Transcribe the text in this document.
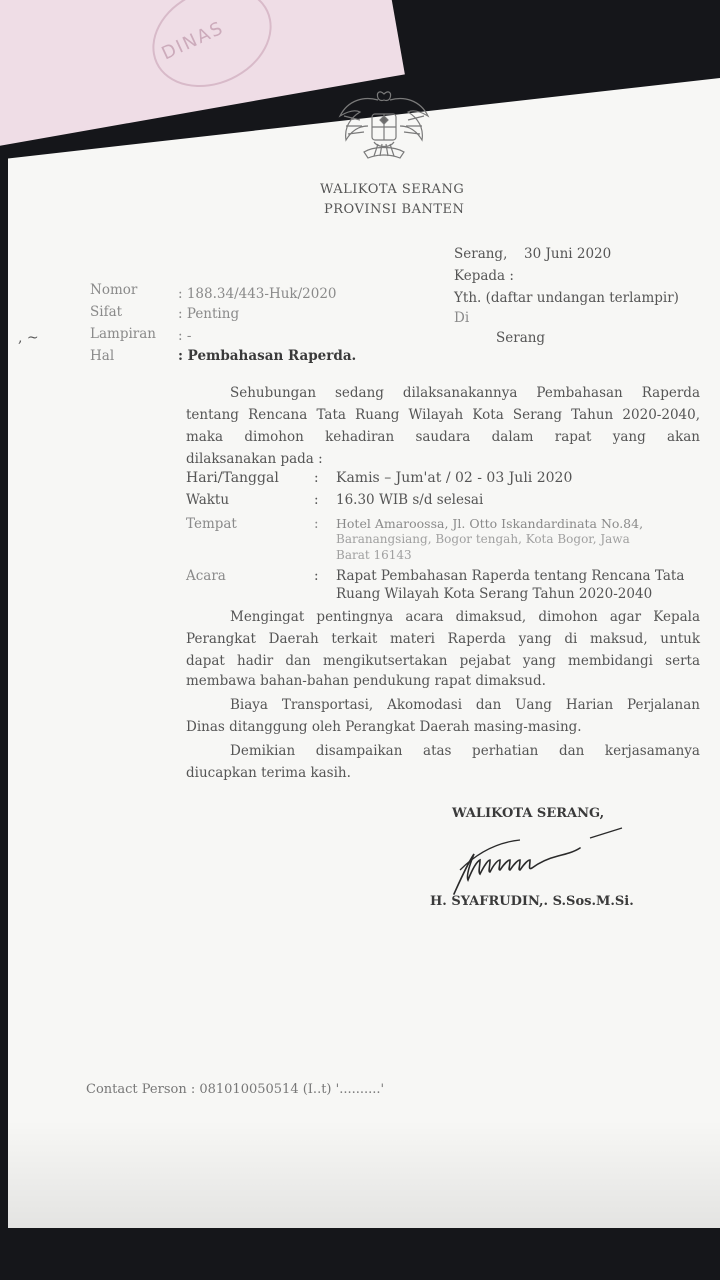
DINAS
WALIKOTA SERANG
PROVINSI BANTEN
Serang, 30 Juni 2020
Kepada :
Yth. (daftar undangan terlampir)
Di
Serang
Nomor	: 188.34/443-Huk/2020
Sifat	: Penting
Lampiran : -
Hal	: Pembahasan Raperda.
, ~
Sehubungan sedang dilaksanakannya Pembahasan Raperda
tentang Rencana Tata Ruang Wilayah Kota Serang Tahun 2020-2040,
maka dimohon kehadiran saudara dalam rapat yang akan
dilaksanakan pada :
Hari/Tanggal	: Kamis – Jum'at / 02 - 03 Juli 2020
Waktu	: 16.30 WIB s/d selesai
Tempat	: Hotel Amaroossa, Jl. Otto Iskandardinata No.84,
Baranangsiang, Bogor tengah, Kota Bogor, Jawa
Barat 16143
Acara	: Rapat Pembahasan Raperda tentang Rencana Tata
Ruang Wilayah Kota Serang Tahun 2020-2040
Mengingat pentingnya acara dimaksud, dimohon agar Kepala
Perangkat Daerah terkait materi Raperda yang di maksud, untuk
dapat hadir dan mengikutsertakan pejabat yang membidangi serta
membawa bahan-bahan pendukung rapat dimaksud.
Biaya Transportasi, Akomodasi dan Uang Harian Perjalanan
Dinas ditanggung oleh Perangkat Daerah masing-masing.
Demikian disampaikan atas perhatian dan kerjasamanya
diucapkan terima kasih.
WALIKOTA SERANG,
H. SYAFRUDIN,. S.Sos.M.Si.
Contact Person : 081010050514 (I..t) '..........'
